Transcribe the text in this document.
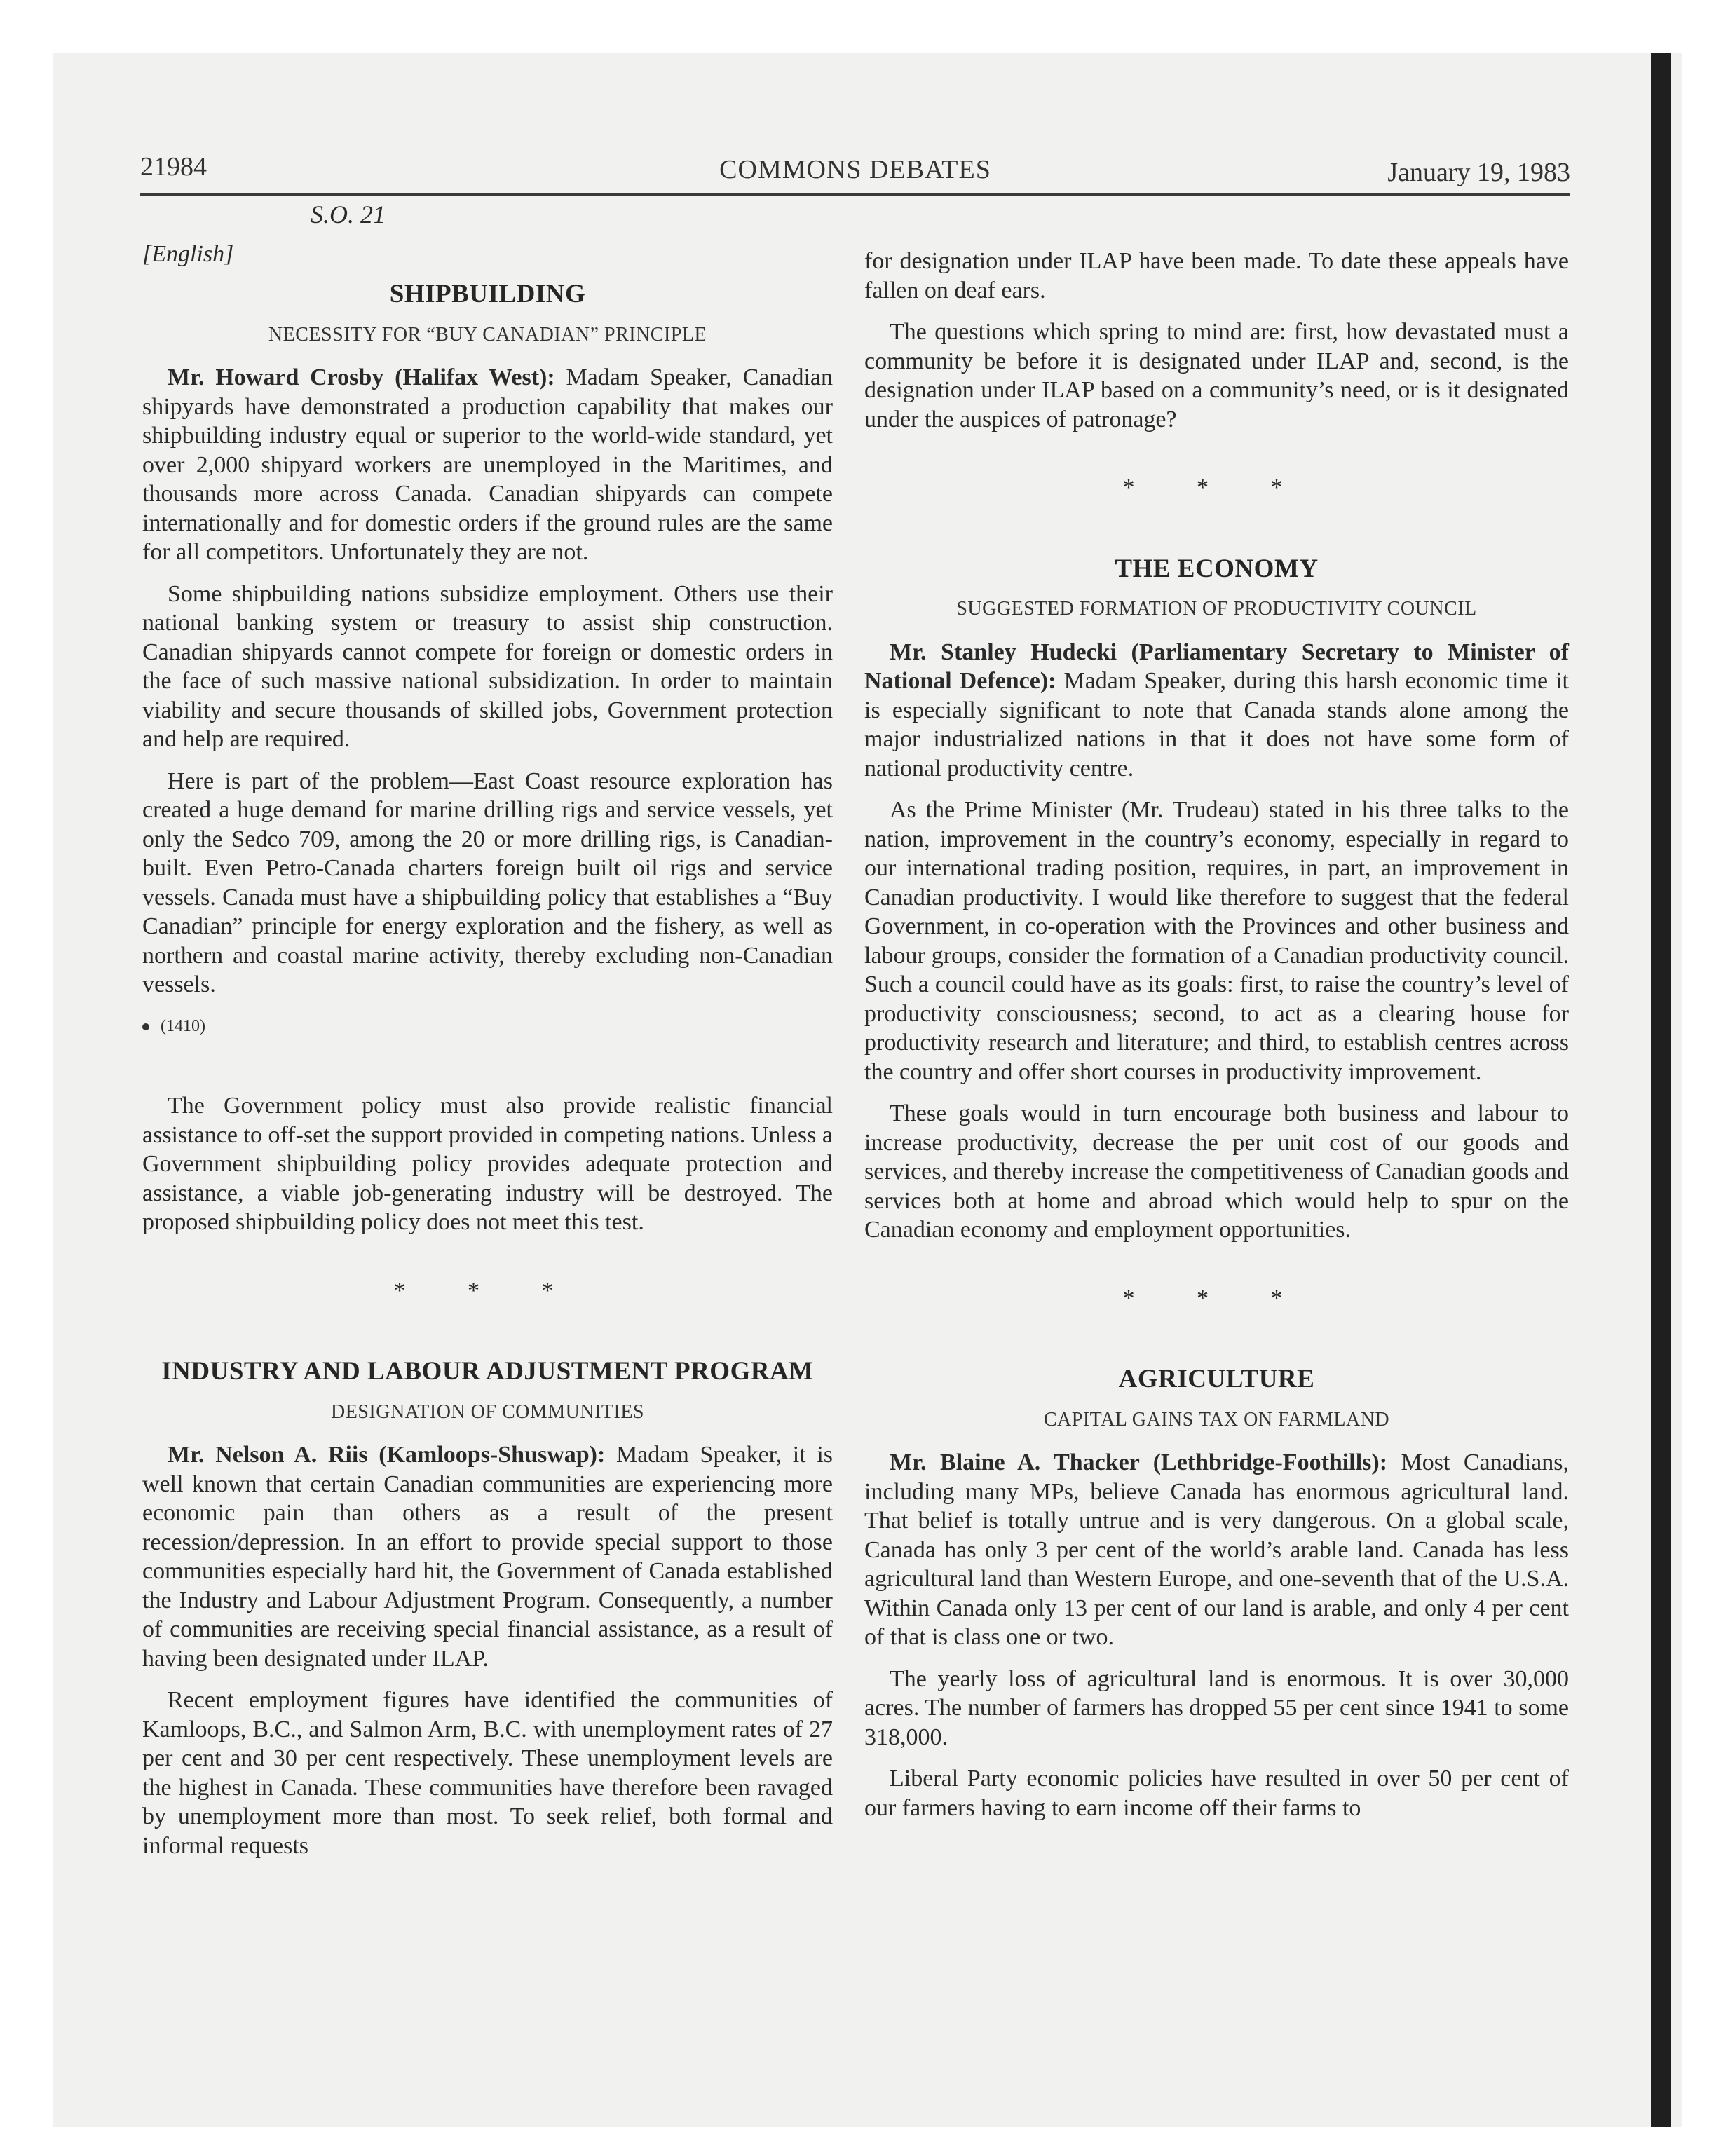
21984	COMMONS DEBATES	January 19, 1983
S.O. 21
[English]
SHIPBUILDING
NECESSITY FOR “BUY CANADIAN” PRINCIPLE

Mr. Howard Crosby (Halifax West): Madam Speaker, Canadian shipyards have demonstrated a production capability that makes our shipbuilding industry equal or superior to the world-wide standard, yet over 2,000 shipyard workers are unemployed in the Maritimes, and thousands more across Canada. Canadian shipyards can compete internationally and for domestic orders if the ground rules are the same for all competitors. Unfortunately they are not.

Some shipbuilding nations subsidize employment. Others use their national banking system or treasury to assist ship construction. Canadian shipyards cannot compete for foreign or domestic orders in the face of such massive national subsidization. In order to maintain viability and secure thousands of skilled jobs, Government protection and help are required.

Here is part of the problem—East Coast resource exploration has created a huge demand for marine drilling rigs and service vessels, yet only the Sedco 709, among the 20 or more drilling rigs, is Canadian-built. Even Petro-Canada charters foreign built oil rigs and service vessels. Canada must have a shipbuilding policy that establishes a “Buy Canadian” principle for energy exploration and the fishery, as well as northern and coastal marine activity, thereby excluding non-Canadian vessels.

(1410)

The Government policy must also provide realistic financial assistance to off-set the support provided in competing nations. Unless a Government shipbuilding policy provides adequate protection and assistance, a viable job-generating industry will be destroyed. The proposed shipbuilding policy does not meet this test.

* * *
INDUSTRY AND LABOUR ADJUSTMENT PROGRAM
DESIGNATION OF COMMUNITIES

Mr. Nelson A. Riis (Kamloops-Shuswap): Madam Speaker, it is well known that certain Canadian communities are experiencing more economic pain than others as a result of the present recession/depression. In an effort to provide special support to those communities especially hard hit, the Government of Canada established the Industry and Labour Adjustment Program. Consequently, a number of communities are receiving special financial assistance, as a result of having been designated under ILAP.

Recent employment figures have identified the communities of Kamloops, B.C., and Salmon Arm, B.C. with unemployment rates of 27 per cent and 30 per cent respectively. These unemployment levels are the highest in Canada. These communities have therefore been ravaged by unemployment more than most. To seek relief, both formal and informal requests

for designation under ILAP have been made. To date these appeals have fallen on deaf ears.

The questions which spring to mind are: first, how devastated must a community be before it is designated under ILAP and, second, is the designation under ILAP based on a community’s need, or is it designated under the auspices of patronage?

* * *
THE ECONOMY
SUGGESTED FORMATION OF PRODUCTIVITY COUNCIL

Mr. Stanley Hudecki (Parliamentary Secretary to Minister of National Defence): Madam Speaker, during this harsh economic time it is especially significant to note that Canada stands alone among the major industrialized nations in that it does not have some form of national productivity centre.

As the Prime Minister (Mr. Trudeau) stated in his three talks to the nation, improvement in the country’s economy, especially in regard to our international trading position, requires, in part, an improvement in Canadian productivity. I would like therefore to suggest that the federal Government, in co-operation with the Provinces and other business and labour groups, consider the formation of a Canadian productivity council. Such a council could have as its goals: first, to raise the country’s level of productivity consciousness; second, to act as a clearing house for productivity research and literature; and third, to establish centres across the country and offer short courses in productivity improvement.

These goals would in turn encourage both business and labour to increase productivity, decrease the per unit cost of our goods and services, and thereby increase the competitiveness of Canadian goods and services both at home and abroad which would help to spur on the Canadian economy and employment opportunities.

* * *
AGRICULTURE
CAPITAL GAINS TAX ON FARMLAND

Mr. Blaine A. Thacker (Lethbridge-Foothills): Most Canadians, including many MPs, believe Canada has enormous agricultural land. That belief is totally untrue and is very dangerous. On a global scale, Canada has only 3 per cent of the world’s arable land. Canada has less agricultural land than Western Europe, and one-seventh that of the U.S.A. Within Canada only 13 per cent of our land is arable, and only 4 per cent of that is class one or two.

The yearly loss of agricultural land is enormous. It is over 30,000 acres. The number of farmers has dropped 55 per cent since 1941 to some 318,000.

Liberal Party economic policies have resulted in over 50 per cent of our farmers having to earn income off their farms to
